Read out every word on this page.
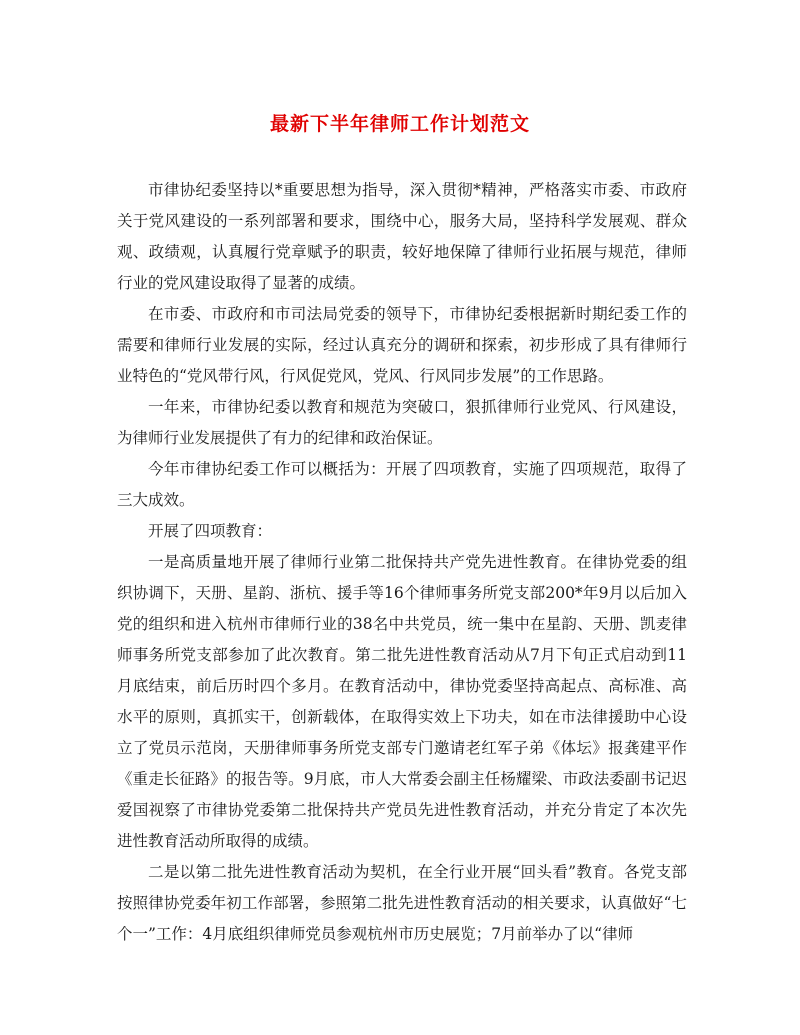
最新下半年律师工作计划范文

市律协纪委坚持以*重要思想为指导，深入贯彻*精神，严格落实市委、市政府关于党风建设的一系列部署和要求，围绕中心，服务大局，坚持科学发展观、群众观、政绩观，认真履行党章赋予的职责，较好地保障了律师行业拓展与规范，律师行业的党风建设取得了显著的成绩。

在市委、市政府和市司法局党委的领导下，市律协纪委根据新时期纪委工作的需要和律师行业发展的实际，经过认真充分的调研和探索，初步形成了具有律师行业特色的“党风带行风，行风促党风，党风、行风同步发展”的工作思路。

一年来，市律协纪委以教育和规范为突破口，狠抓律师行业党风、行风建设，为律师行业发展提供了有力的纪律和政治保证。

今年市律协纪委工作可以概括为：开展了四项教育，实施了四项规范，取得了三大成效。

开展了四项教育：

一是高质量地开展了律师行业第二批保持共产党先进性教育。在律协党委的组织协调下，天册、星韵、浙杭、援手等16个律师事务所党支部200*年9月以后加入党的组织和进入杭州市律师行业的38名中共党员，统一集中在星韵、天册、凯麦律师事务所党支部参加了此次教育。第二批先进性教育活动从7月下旬正式启动到11月底结束，前后历时四个多月。在教育活动中，律协党委坚持高起点、高标准、高水平的原则，真抓实干，创新载体，在取得实效上下功夫，如在市法律援助中心设立了党员示范岗，天册律师事务所党支部专门邀请老红军子弟《体坛》报龚建平作《重走长征路》的报告等。9月底，市人大常委会副主任杨耀梁、市政法委副书记迟爱国视察了市律协党委第二批保持共产党员先进性教育活动，并充分肯定了本次先进性教育活动所取得的成绩。

二是以第二批先进性教育活动为契机，在全行业开展“回头看”教育。各党支部按照律协党委年初工作部署，参照第二批先进性教育活动的相关要求，认真做好“七个一”工作：4月底组织律师党员参观杭州市历史展览；7月前举办了以“律师
